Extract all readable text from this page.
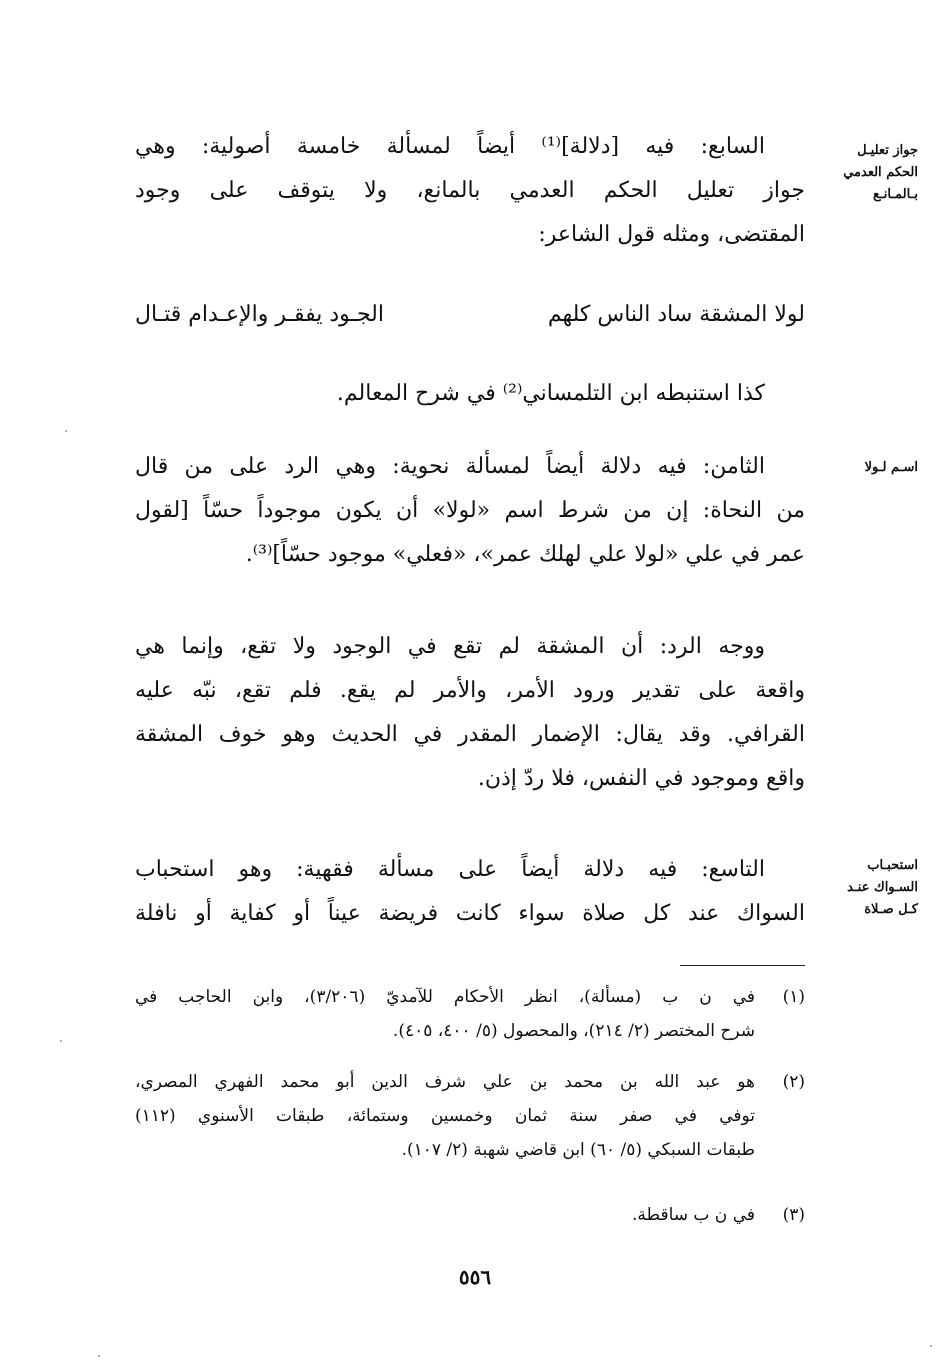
جواز تعليـل
الحكم العدمي
بـالمـانـع
اسـم لـولا
استحبـاب
السـواك عنـد
كـل صـلاة
السابع: فيه [دلالة]⁽¹⁾ أيضاً لمسألة خامسة أصولية: وهي
جواز تعليل الحكم العدمي بالمانع، ولا يتوقف على وجود
المقتضى، ومثله قول الشاعر:
لولا المشقة ساد الناس كلهم
الجـود يفقـر والإعـدام قتـال
كذا استنبطه ابن التلمساني⁽²⁾ في شرح المعالم.
الثامن: فيه دلالة أيضاً لمسألة نحوية: وهي الرد على من قال
من النحاة: إن من شرط اسم «لولا» أن يكون موجوداً حسّاً [لقول
عمر في علي «لولا علي لهلك عمر»، «فعلي» موجود حسّاً]⁽³⁾.
ووجه الرد: أن المشقة لم تقع في الوجود ولا تقع، وإنما هي
واقعة على تقدير ورود الأمر، والأمر لم يقع. فلم تقع، نبّه عليه
القرافي. وقد يقال: الإضمار المقدر في الحديث وهو خوف المشقة
واقع وموجود في النفس، فلا ردّ إذن.
التاسع: فيه دلالة أيضاً على مسألة فقهية: وهو استحباب
السواك عند كل صلاة سواء كانت فريضة عيناً أو كفاية أو نافلة
(١)
في ن ب (مسألة)، انظر الأحكام للآمديّ (٣/٢٠٦)، وابن الحاجب في
شرح المختصر (٢/ ٢١٤)، والمحصول (٥/ ٤٠٠، ٤٠٥).
(٢)
هو عبد الله بن محمد بن علي شرف الدين أبو محمد الفهري المصري،
توفي في صفر سنة ثمان وخمسين وستمائة، طبقات الأسنوي (١١٢)
طبقات السبكي (٥/ ٦٠) ابن قاضي شهبة (٢/ ١٠٧).
(٣)
في ن ب ساقطة.
٥٥٦
